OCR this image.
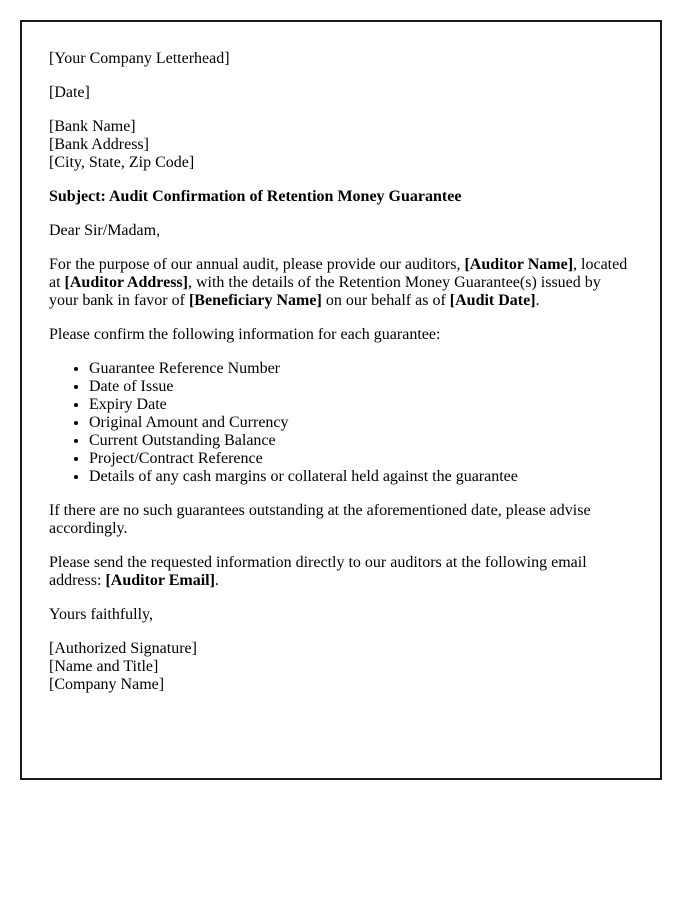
[Your Company Letterhead]

[Date]

[Bank Name]
[Bank Address]
[City, State, Zip Code]

Subject: Audit Confirmation of Retention Money Guarantee

Dear Sir/Madam,

For the purpose of our annual audit, please provide our auditors, [Auditor Name], located at [Auditor Address], with the details of the Retention Money Guarantee(s) issued by your bank in favor of [Beneficiary Name] on our behalf as of [Audit Date].

Please confirm the following information for each guarantee:

• Guarantee Reference Number
• Date of Issue
• Expiry Date
• Original Amount and Currency
• Current Outstanding Balance
• Project/Contract Reference
• Details of any cash margins or collateral held against the guarantee

If there are no such guarantees outstanding at the aforementioned date, please advise accordingly.

Please send the requested information directly to our auditors at the following email address: [Auditor Email].

Yours faithfully,

[Authorized Signature]
[Name and Title]
[Company Name]
